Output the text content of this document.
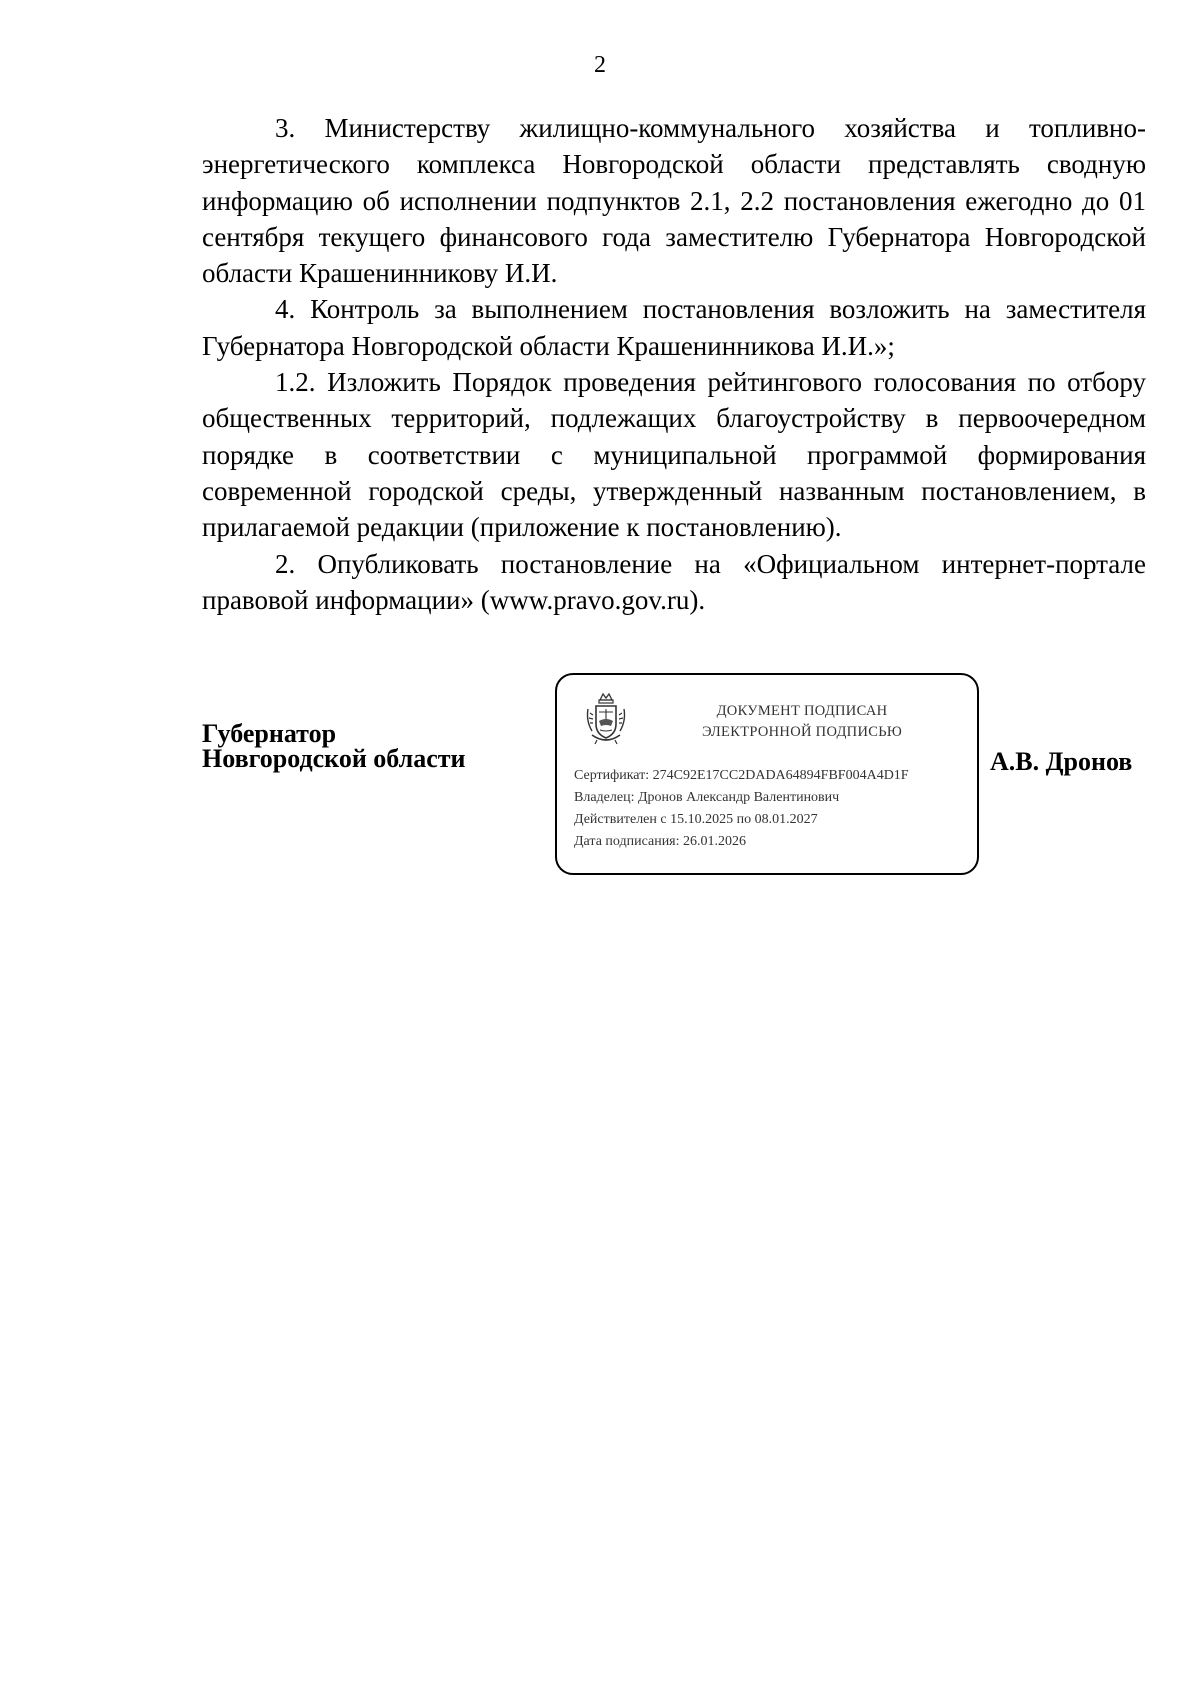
2

3. Министерству жилищно-коммунального хозяйства и топливно-энергетического комплекса Новгородской области представлять сводную информацию об исполнении подпунктов 2.1, 2.2 постановления ежегодно до 01 сентября текущего финансового года заместителю Губернатора Новгородской области Крашенинникову И.И.

4. Контроль за выполнением постановления возложить на заместителя Губернатора Новгородской области Крашенинникова И.И.»;

1.2. Изложить Порядок проведения рейтингового голосования по отбору общественных территорий, подлежащих благоустройству в первоочередном порядке в соответствии с муниципальной программой формирования современной городской среды, утвержденный названным постановлением, в прилагаемой редакции (приложение к постановлению).

2. Опубликовать постановление на «Официальном интернет-портале правовой информации» (www.pravo.gov.ru).

Губернатор
Новгородской области	А.В. Дронов
ДОКУМЕНТ ПОДПИСАН
ЭЛЕКТРОННОЙ ПОДПИСЬЮ
Сертификат: 274C92E17CC2DADA64894FBF004A4D1F
Владелец: Дронов Александр Валентинович
Действителен с 15.10.2025 по 08.01.2027
Дата подписания: 26.01.2026
